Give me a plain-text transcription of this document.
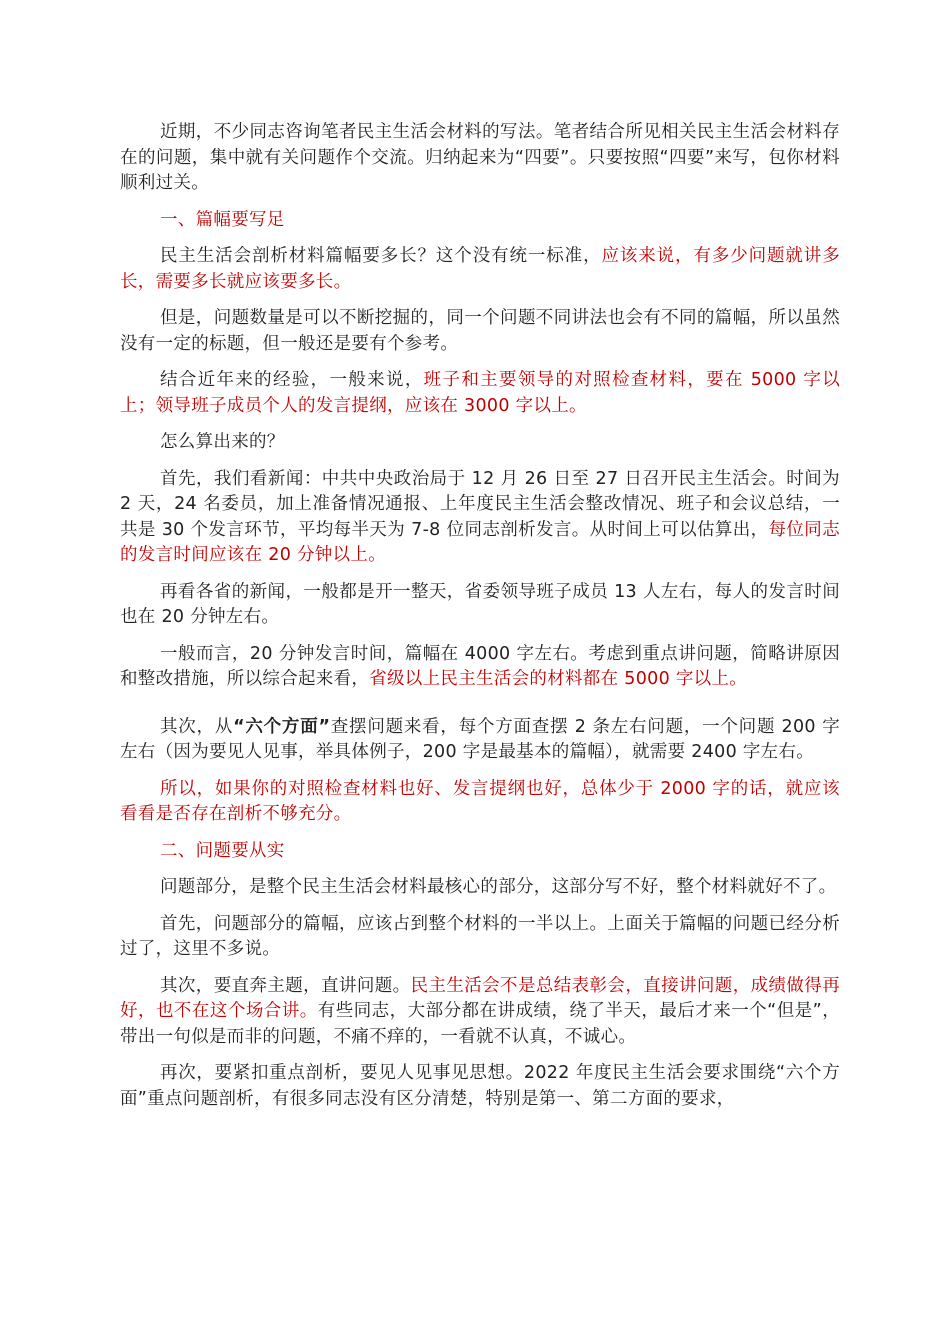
近期，不少同志咨询笔者民主生活会材料的写法。笔者结合所见相关民主生活会材料存在的问题，集中就有关问题作个交流。归纳起来为“四要”。只要按照“四要”来写，包你材料顺利过关。

一、篇幅要写足

民主生活会剖析材料篇幅要多长？这个没有统一标准，应该来说，有多少问题就讲多长，需要多长就应该要多长。

但是，问题数量是可以不断挖掘的，同一个问题不同讲法也会有不同的篇幅，所以虽然没有一定的标题，但一般还是要有个参考。

结合近年来的经验，一般来说，班子和主要领导的对照检查材料，要在 5000 字以上；领导班子成员个人的发言提纲，应该在 3000 字以上。

怎么算出来的？

首先，我们看新闻：中共中央政治局于 12 月 26 日至 27 日召开民主生活会。时间为 2 天，24 名委员，加上准备情况通报、上年度民主生活会整改情况、班子和会议总结，一共是 30 个发言环节，平均每半天为 7-8 位同志剖析发言。从时间上可以估算出，每位同志的发言时间应该在 20 分钟以上。

再看各省的新闻，一般都是开一整天，省委领导班子成员 13 人左右，每人的发言时间也在 20 分钟左右。

一般而言，20 分钟发言时间，篇幅在 4000 字左右。考虑到重点讲问题，简略讲原因和整改措施，所以综合起来看，省级以上民主生活会的材料都在 5000 字以上。

其次，从“六个方面”查摆问题来看，每个方面查摆 2 条左右问题，一个问题 200 字左右（因为要见人见事，举具体例子，200 字是最基本的篇幅），就需要 2400 字左右。

所以，如果你的对照检查材料也好、发言提纲也好，总体少于 2000 字的话，就应该看看是否存在剖析不够充分。

二、问题要从实

问题部分，是整个民主生活会材料最核心的部分，这部分写不好，整个材料就好不了。

首先，问题部分的篇幅，应该占到整个材料的一半以上。上面关于篇幅的问题已经分析过了，这里不多说。

其次，要直奔主题，直讲问题。民主生活会不是总结表彰会，直接讲问题，成绩做得再好，也不在这个场合讲。有些同志，大部分都在讲成绩，绕了半天，最后才来一个“但是”，带出一句似是而非的问题，不痛不痒的，一看就不认真，不诚心。

再次，要紧扣重点剖析，要见人见事见思想。2022 年度民主生活会要求围绕“六个方面”重点问题剖析，有很多同志没有区分清楚，特别是第一、第二方面的要求，
